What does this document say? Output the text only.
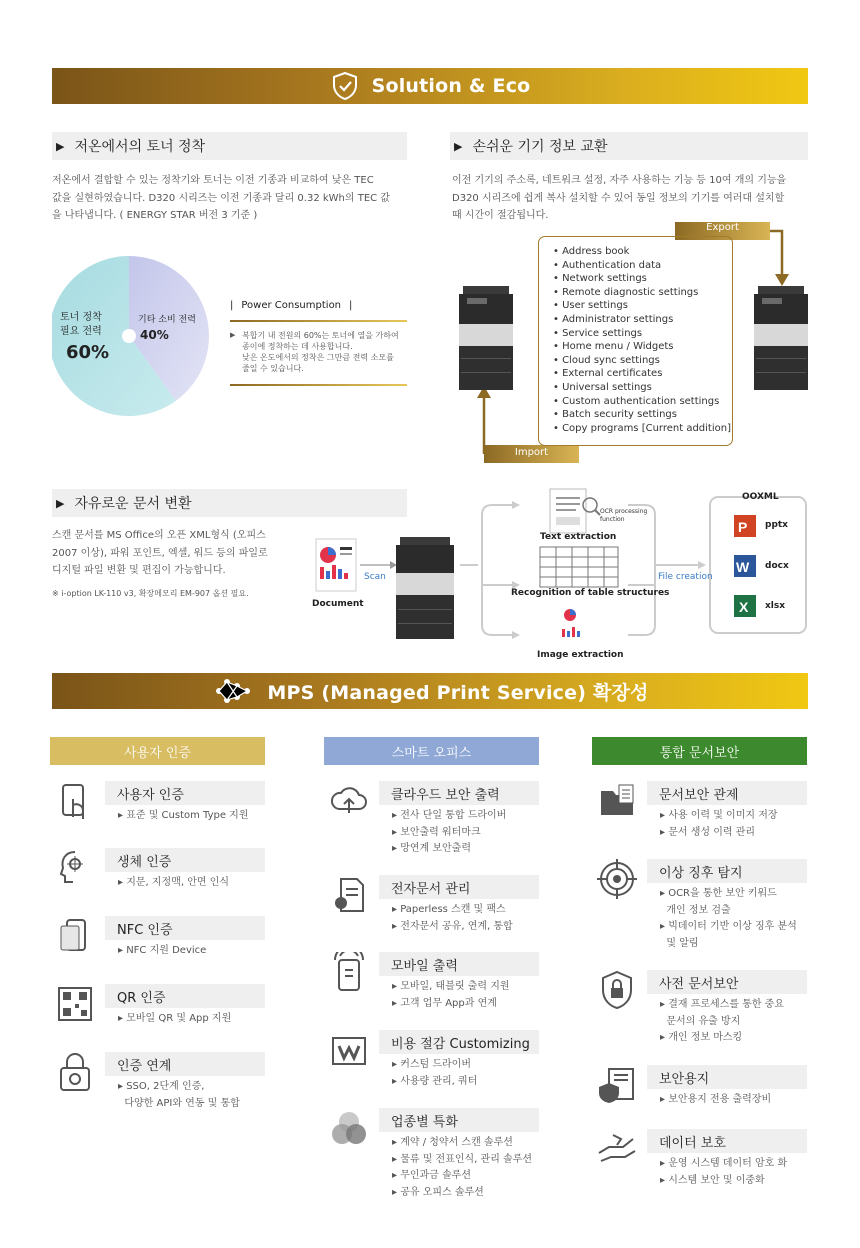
Solution & Eco
▶ 저온에서의 토너 정착
저온에서 결합할 수 있는 정착기와 토너는 이전 기종과 비교하여 낮은 TEC
값을 실현하였습니다. D320 시리즈는 이전 기종과 달리 0.32 kWh의 TEC 값
을 나타냅니다. ( ENERGY STAR 버전 3 기준 )
토너 정착
필요 전력
60%
기타 소비 전력
40%
| Power Consumption |
▶ 복합기 내 전원의 60%는 토너에 열을 가하여
종이에 정착하는 데 사용합니다.
낮은 온도에서의 정착은 그만큼 전력 소모를
줄일 수 있습니다.
▶ 손쉬운 기기 정보 교환
이전 기기의 주소록, 네트워크 설정, 자주 사용하는 기능 등 10여 개의 기능을
D320 시리즈에 쉽게 복사 설치할 수 있어 동일 정보의 기기를 여러대 설치할
때 시간이 절감됩니다.
Export
Import
• Address book
• Authentication data
• Network settings
• Remote diagnostic settings
• User settings
• Administrator settings
• Service settings
• Home menu / Widgets
• Cloud sync settings
• External certificates
• Universal settings
• Custom authentication settings
• Batch security settings
• Copy programs [Current addition]
▶ 자유로운 문서 변환
스캔 문서를 MS Office의 오픈 XML형식 (오피스
2007 이상), 파워 포인트, 엑셀, 워드 등의 파일로
디지털 파일 변환 및 편집이 가능합니다.
※ i-option LK-110 v3, 확장메모리 EM-907 옵션 필요.
P
W
X
Document
Scan
OCR processing
function
Text extraction
Recognition of table structures
Image extraction
File creation
OOXML
pptx
docx
xlsx
MPS (Managed Print Service) 확장성
사용자 인증
사용자 인증
▸ 표준 및 Custom Type 지원
생체 인증
▸ 지문, 지정맥, 안면 인식
NFC 인증
▸ NFC 지원 Device
QR 인증
▸ 모바일 QR 및 App 지원
인증 연계
▸ SSO, 2단계 인증,
다양한 API와 연동 및 통합
스마트 오피스
클라우드 보안 출력
▸ 전사 단일 통합 드라이버
▸ 보안출력 워터마크
▸ 망연계 보안출력
전자문서 관리
▸ Paperless 스캔 및 팩스
▸ 전자문서 공유, 연계, 통합
모바일 출력
▸ 모바일, 태블릿 출력 지원
▸ 고객 업무 App과 연계
비용 절감 Customizing
▸ 커스텀 드라이버
▸ 사용량 관리, 쿼터
업종별 특화
▸ 계약 / 청약서 스캔 솔루션
▸ 물류 및 전표인식, 관리 솔루션
▸ 무인과금 솔루션
▸ 공유 오피스 솔루션
통합 문서보안
문서보안 관제
▸ 사용 이력 및 이미지 저장
▸ 문서 생성 이력 관리
이상 징후 탐지
▸ OCR을 통한 보안 키워드
개인 정보 검출
▸ 빅데이터 기반 이상 징후 분석
및 알림
사전 문서보안
▸ 결재 프로세스를 통한 중요
문서의 유출 방지
▸ 개인 정보 마스킹
보안용지
▸ 보안용지 전용 출력장비
데이터 보호
▸ 운영 시스템 데이터 암호 화
▸ 시스템 보안 및 이중화
